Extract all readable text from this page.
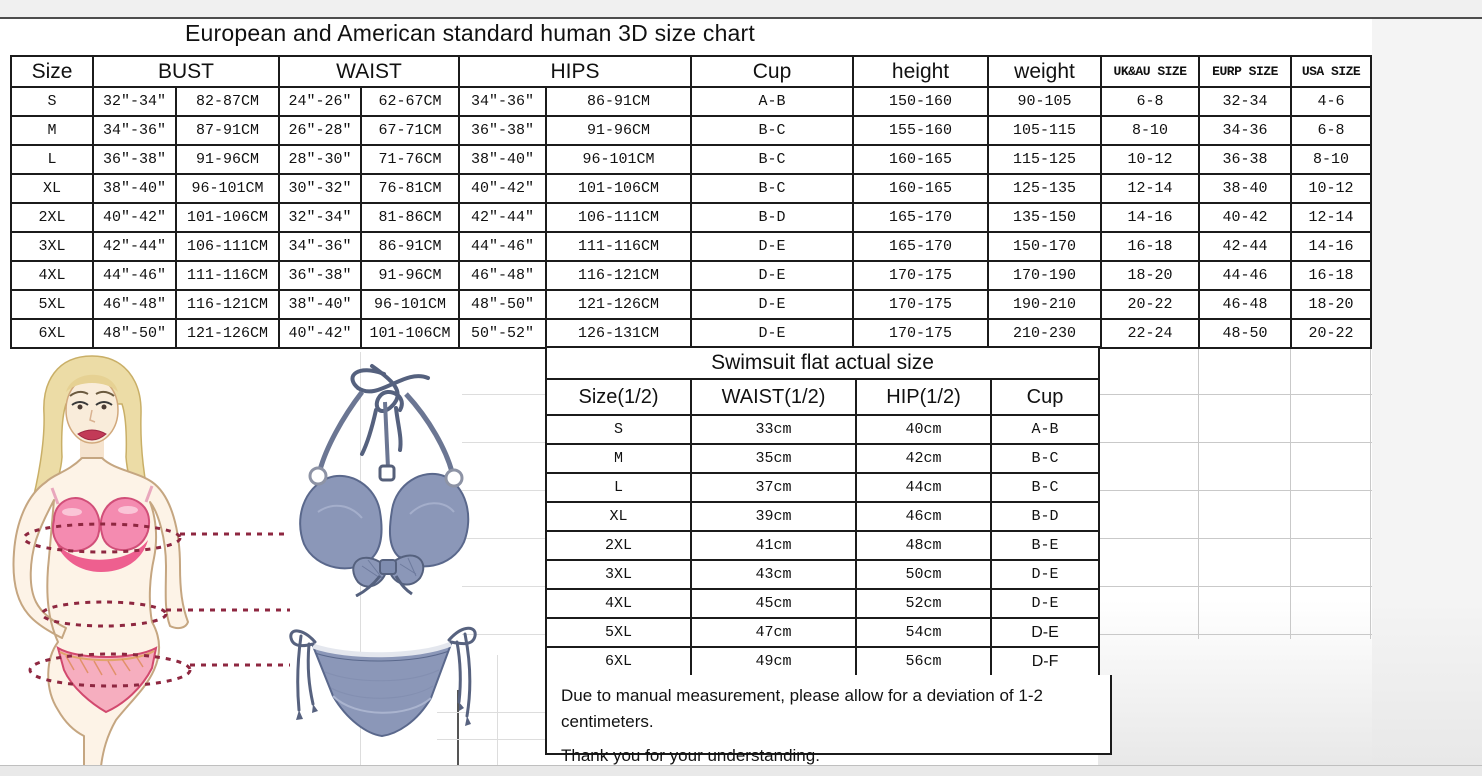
European and American standard human 3D size chart
Size	BUST		WAIST		HIPS		Cup	height	weight	UK&AU SIZE	EURP SIZE	USA SIZE
S	32″-34″	82-87CM	24″-26″	62-67CM	34″-36″	86-91CM	A-B	150-160	90-105	6-8	32-34	4-6
M	34″-36″	87-91CM	26″-28″	67-71CM	36″-38″	91-96CM	B-C	155-160	105-115	8-10	34-36	6-8
L	36″-38″	91-96CM	28″-30″	71-76CM	38″-40″	96-101CM	B-C	160-165	115-125	10-12	36-38	8-10
XL	38″-40″	96-101CM	30″-32″	76-81CM	40″-42″	101-106CM	B-C	160-165	125-135	12-14	38-40	10-12
2XL	40″-42″	101-106CM	32″-34″	81-86CM	42″-44″	106-111CM	B-D	165-170	135-150	14-16	40-42	12-14
3XL	42″-44″	106-111CM	34″-36″	86-91CM	44″-46″	111-116CM	D-E	165-170	150-170	16-18	42-44	14-16
4XL	44″-46″	111-116CM	36″-38″	91-96CM	46″-48″	116-121CM	D-E	170-175	170-190	18-20	44-46	16-18
5XL	46″-48″	116-121CM	38″-40″	96-101CM	48″-50″	121-126CM	D-E	170-175	190-210	20-22	46-48	18-20
6XL	48″-50″	121-126CM	40″-42″	101-106CM	50″-52″	126-131CM	D-E	170-175	210-230	22-24	48-50	20-22
Swimsuit flat actual size			
Size(1/2)	WAIST(1/2)	HIP(1/2)	Cup
S	33cm	40cm	A-B
M	35cm	42cm	B-C
L	37cm	44cm	B-C
XL	39cm	46cm	B-D
2XL	41cm	48cm	B-E
3XL	43cm	50cm	D-E
4XL	45cm	52cm	D-E
5XL	47cm	54cm	D-E
6XL	49cm	56cm	D-F

Due to manual measurement, please allow for a deviation of 1-2 centimeters.

Thank you for your understanding.
